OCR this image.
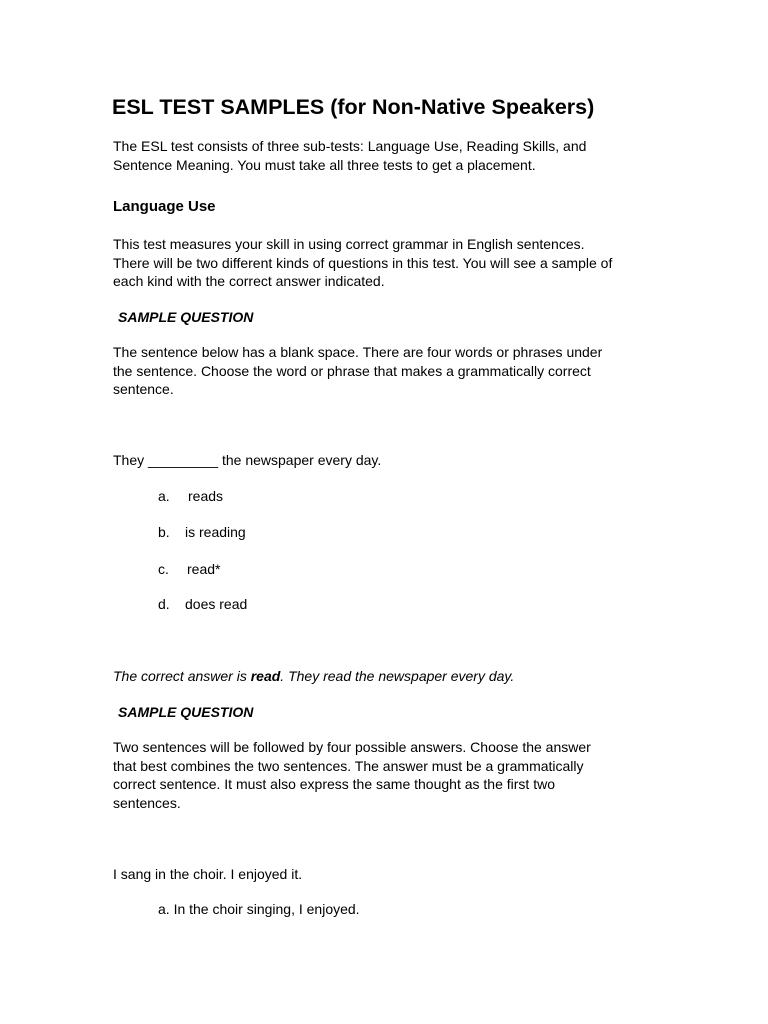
ESL TEST SAMPLES (for Non-Native Speakers)

The ESL test consists of three sub-tests: Language Use, Reading Skills, and
Sentence Meaning. You must take all three tests to get a placement.

Language Use

This test measures your skill in using correct grammar in English sentences.
There will be two different kinds of questions in this test. You will see a sample of
each kind with the correct answer indicated.

SAMPLE QUESTION

The sentence below has a blank space. There are four words or phrases under
the sentence. Choose the word or phrase that makes a grammatically correct
sentence.

They _________ the newspaper every day.

a. reads

b. is reading

c. read*

d. does read

The correct answer is read. They read the newspaper every day.

SAMPLE QUESTION

Two sentences will be followed by four possible answers. Choose the answer
that best combines the two sentences. The answer must be a grammatically
correct sentence. It must also express the same thought as the first two
sentences.

I sang in the choir. I enjoyed it.

a. In the choir singing, I enjoyed.
